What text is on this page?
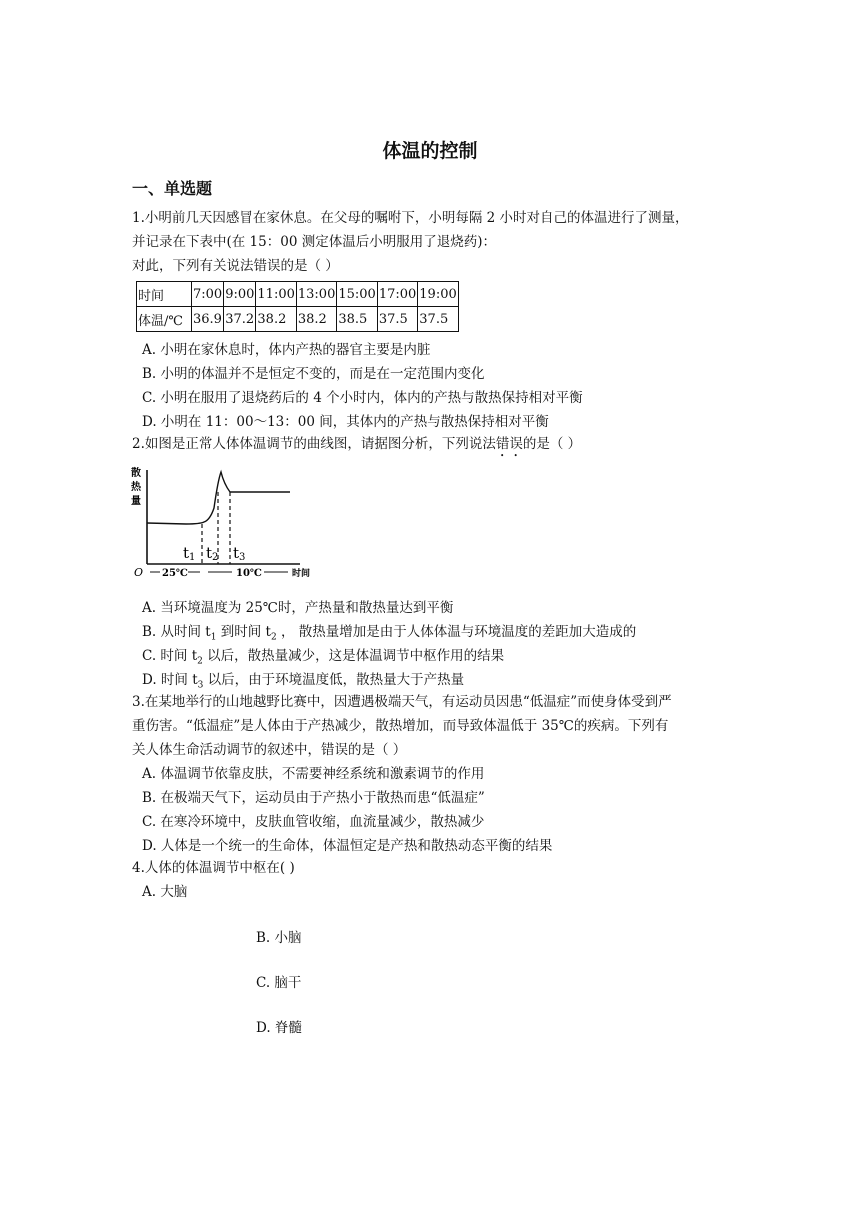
体温的控制
一、单选题
1.小明前几天因感冒在家休息。在父母的嘱咐下，小明每隔 2 小时对自己的体温进行了测量，
并记录在下表中(在 15：00 测定体温后小明服用了退烧药)：
对此，下列有关说法错误的是（ ）
时间	7:00	9:00	11:00	13:00	15:00	17:00	19:00
体温/℃	36.9	37.2	38.2	38.2	38.5	37.5	37.5
A. 小明在家休息时，体内产热的器官主要是内脏
B. 小明的体温并不是恒定不变的，而是在一定范围内变化
C. 小明在服用了退烧药后的 4 个小时内，体内的产热与散热保持相对平衡
D. 小明在 11：00～13：00 间，其体内的产热与散热保持相对平衡
2.如图是正常人体体温调节的曲线图，请据图分析，下列说法错误的是（ ）
散
热
量
O
t1 t2 t3
25℃	10℃	时间
A. 当环境温度为 25℃时，产热量和散热量达到平衡
B. 从时间 $t_1$ 到时间 $t_2$ ， 散热量增加是由于人体体温与环境温度的差距加大造成的
C. 时间 $t_2$ 以后，散热量减少，这是体温调节中枢作用的结果
D. 时间 $t_3$ 以后，由于环境温度低，散热量大于产热量
3.在某地举行的山地越野比赛中，因遭遇极端天气，有运动员因患“低温症”而使身体受到严
重伤害。“低温症”是人体由于产热减少，散热增加，而导致体温低于 35℃的疾病。下列有
关人体生命活动调节的叙述中，错误的是（ ）
A. 体温调节依靠皮肤，不需要神经系统和激素调节的作用
B. 在极端天气下，运动员由于产热小于散热而患“低温症”
C. 在寒冷环境中，皮肤血管收缩，血流量减少，散热减少
D. 人体是一个统一的生命体，体温恒定是产热和散热动态平衡的结果
4.人体的体温调节中枢在( )
A. 大脑
B. 小脑
C. 脑干
D. 脊髓
